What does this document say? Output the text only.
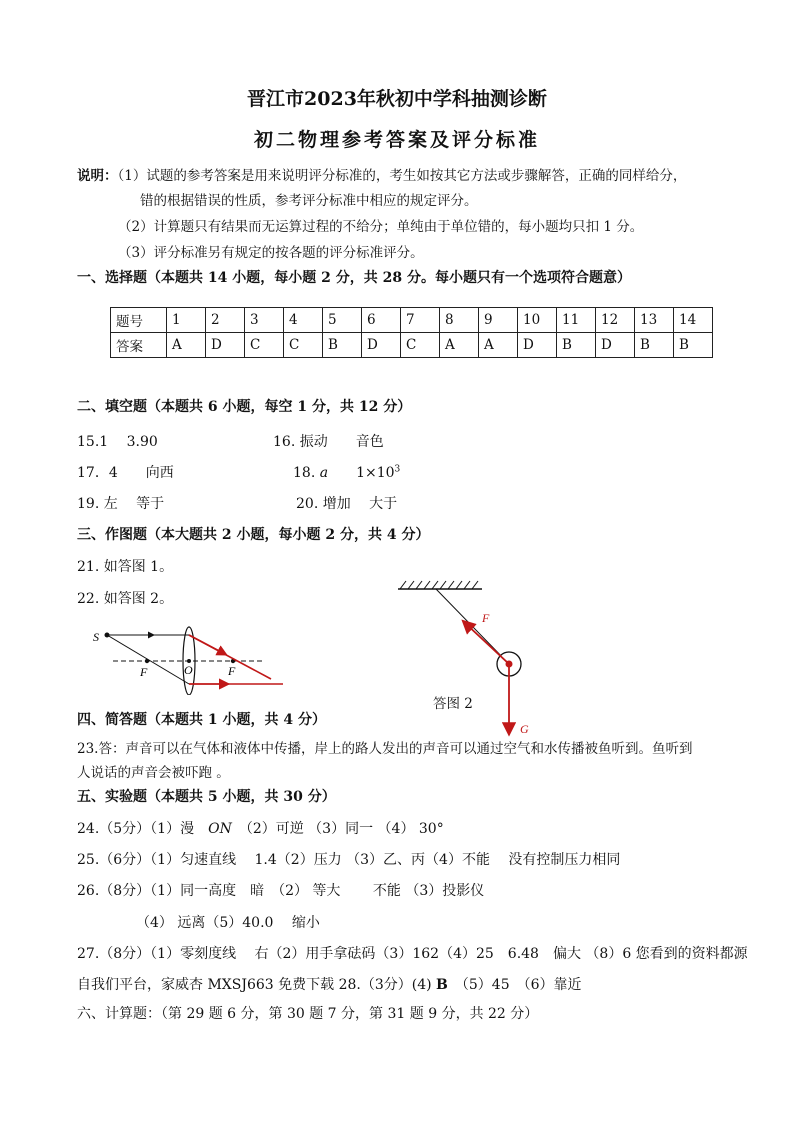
晋江市2023年秋初中学科抽测诊断
初二物理参考答案及评分标准
说明：（1）试题的参考答案是用来说明评分标准的，考生如按其它方法或步骤解答，正确的同样给分，
错的根据错误的性质，参考评分标准中相应的规定评分。
（2）计算题只有结果而无运算过程的不给分；单纯由于单位错的，每小题均只扣 1 分。
（3）评分标准另有规定的按各题的评分标准评分。
一、选择题（本题共 14 小题，每小题 2 分，共 28 分。每小题只有一个选项符合题意）
题号	1	2	3	4	5	6	7	8	9	10	11	12	13	14
答案	A	D	C	C	B	D	C	A	A	D	B	D	B	B
二、填空题（本题共 6 小题，每空 1 分，共 12 分）
15.1　 3.90	16. 振动　　音色
17．4　　向西	18. a　　 $1\times 10^3$
19. 左　 等于	20. 增加　 大于
三、作图题（本大题共 2 小题，每小题 2 分，共 4 分）
21. 如答图 1。
22. 如答图 2。
S
F	O	F
F
G
答图 2
四、简答题（本题共 1 小题，共 4 分）
23.答：声音可以在气体和液体中传播，岸上的路人发出的声音可以通过空气和水传播被鱼听到。鱼听到
人说话的声音会被吓跑 。
五、实验题（本题共 5 小题，共 30 分）
24.（5分）（1）漫　ON　（2）可逆 （3）同一 （4） 30°
25.（6分）（1）匀速直线　 1.4（2）压力 （3）乙、丙（4）不能　 没有控制压力相同
26.（8分）（1）同一高度　暗　（2） 等大　　 不能 （3）投影仪
（4） 远离（5）40.0　 缩小
27.（8分）（1）零刻度线　 右（2）用手拿砝码（3）162（4）25　6.48　偏大 （8）6 您看到的资料都源
自我们平台，家威杏 MXSJ663 免费下载 28.（3分）(4) B　（5）45　（6）靠近
六、计算题：（第 29 题 6 分，第 30 题 7 分，第 31 题 9 分，共 22 分）
